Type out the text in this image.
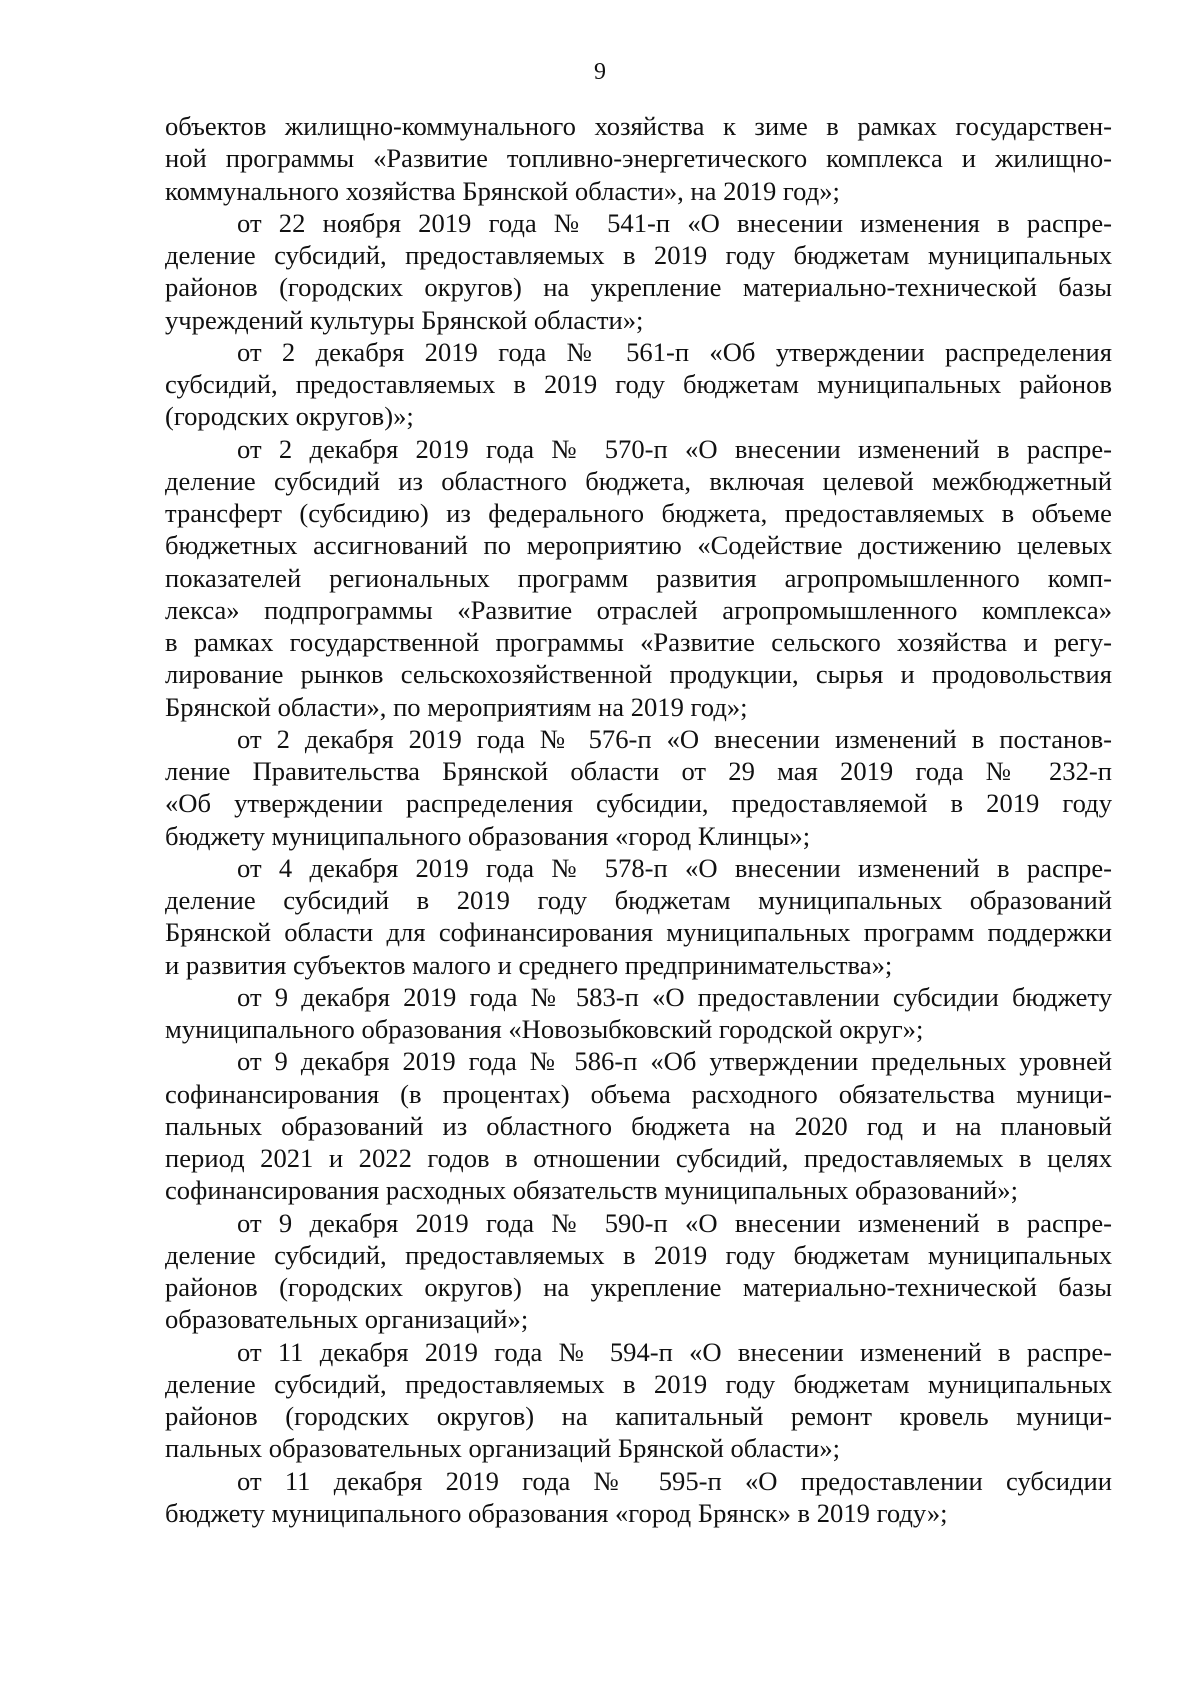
9
объектов жилищно-коммунального хозяйства к зиме в рамках государствен-
ной программы «Развитие топливно-энергетического комплекса и жилищно-
коммунального хозяйства Брянской области», на 2019 год»;
от 22 ноября 2019 года № 541-п «О внесении изменения в распре-
деление субсидий, предоставляемых в 2019 году бюджетам муниципальных
районов (городских округов) на укрепление материально-технической базы
учреждений культуры Брянской области»;
от 2 декабря 2019 года № 561-п «Об утверждении распределения
субсидий, предоставляемых в 2019 году бюджетам муниципальных районов
(городских округов)»;
от 2 декабря 2019 года № 570-п «О внесении изменений в распре-
деление субсидий из областного бюджета, включая целевой межбюджетный
трансферт (субсидию) из федерального бюджета, предоставляемых в объеме
бюджетных ассигнований по мероприятию «Содействие достижению целевых
показателей региональных программ развития агропромышленного комп-
лекса» подпрограммы «Развитие отраслей агропромышленного комплекса»
в рамках государственной программы «Развитие сельского хозяйства и регу-
лирование рынков сельскохозяйственной продукции, сырья и продовольствия
Брянской области», по мероприятиям на 2019 год»;
от 2 декабря 2019 года № 576-п «О внесении изменений в постанов-
ление Правительства Брянской области от 29 мая 2019 года № 232-п
«Об утверждении распределения субсидии, предоставляемой в 2019 году
бюджету муниципального образования «город Клинцы»;
от 4 декабря 2019 года № 578-п «О внесении изменений в распре-
деление субсидий в 2019 году бюджетам муниципальных образований
Брянской области для софинансирования муниципальных программ поддержки
и развития субъектов малого и среднего предпринимательства»;
от 9 декабря 2019 года № 583-п «О предоставлении субсидии бюджету
муниципального образования «Новозыбковский городской округ»;
от 9 декабря 2019 года № 586-п «Об утверждении предельных уровней
софинансирования (в процентах) объема расходного обязательства муници-
пальных образований из областного бюджета на 2020 год и на плановый
период 2021 и 2022 годов в отношении субсидий, предоставляемых в целях
софинансирования расходных обязательств муниципальных образований»;
от 9 декабря 2019 года № 590-п «О внесении изменений в распре-
деление субсидий, предоставляемых в 2019 году бюджетам муниципальных
районов (городских округов) на укрепление материально-технической базы
образовательных организаций»;
от 11 декабря 2019 года № 594-п «О внесении изменений в распре-
деление субсидий, предоставляемых в 2019 году бюджетам муниципальных
районов (городских округов) на капитальный ремонт кровель муници-
пальных образовательных организаций Брянской области»;
от 11 декабря 2019 года № 595-п «О предоставлении субсидии
бюджету муниципального образования «город Брянск» в 2019 году»;
